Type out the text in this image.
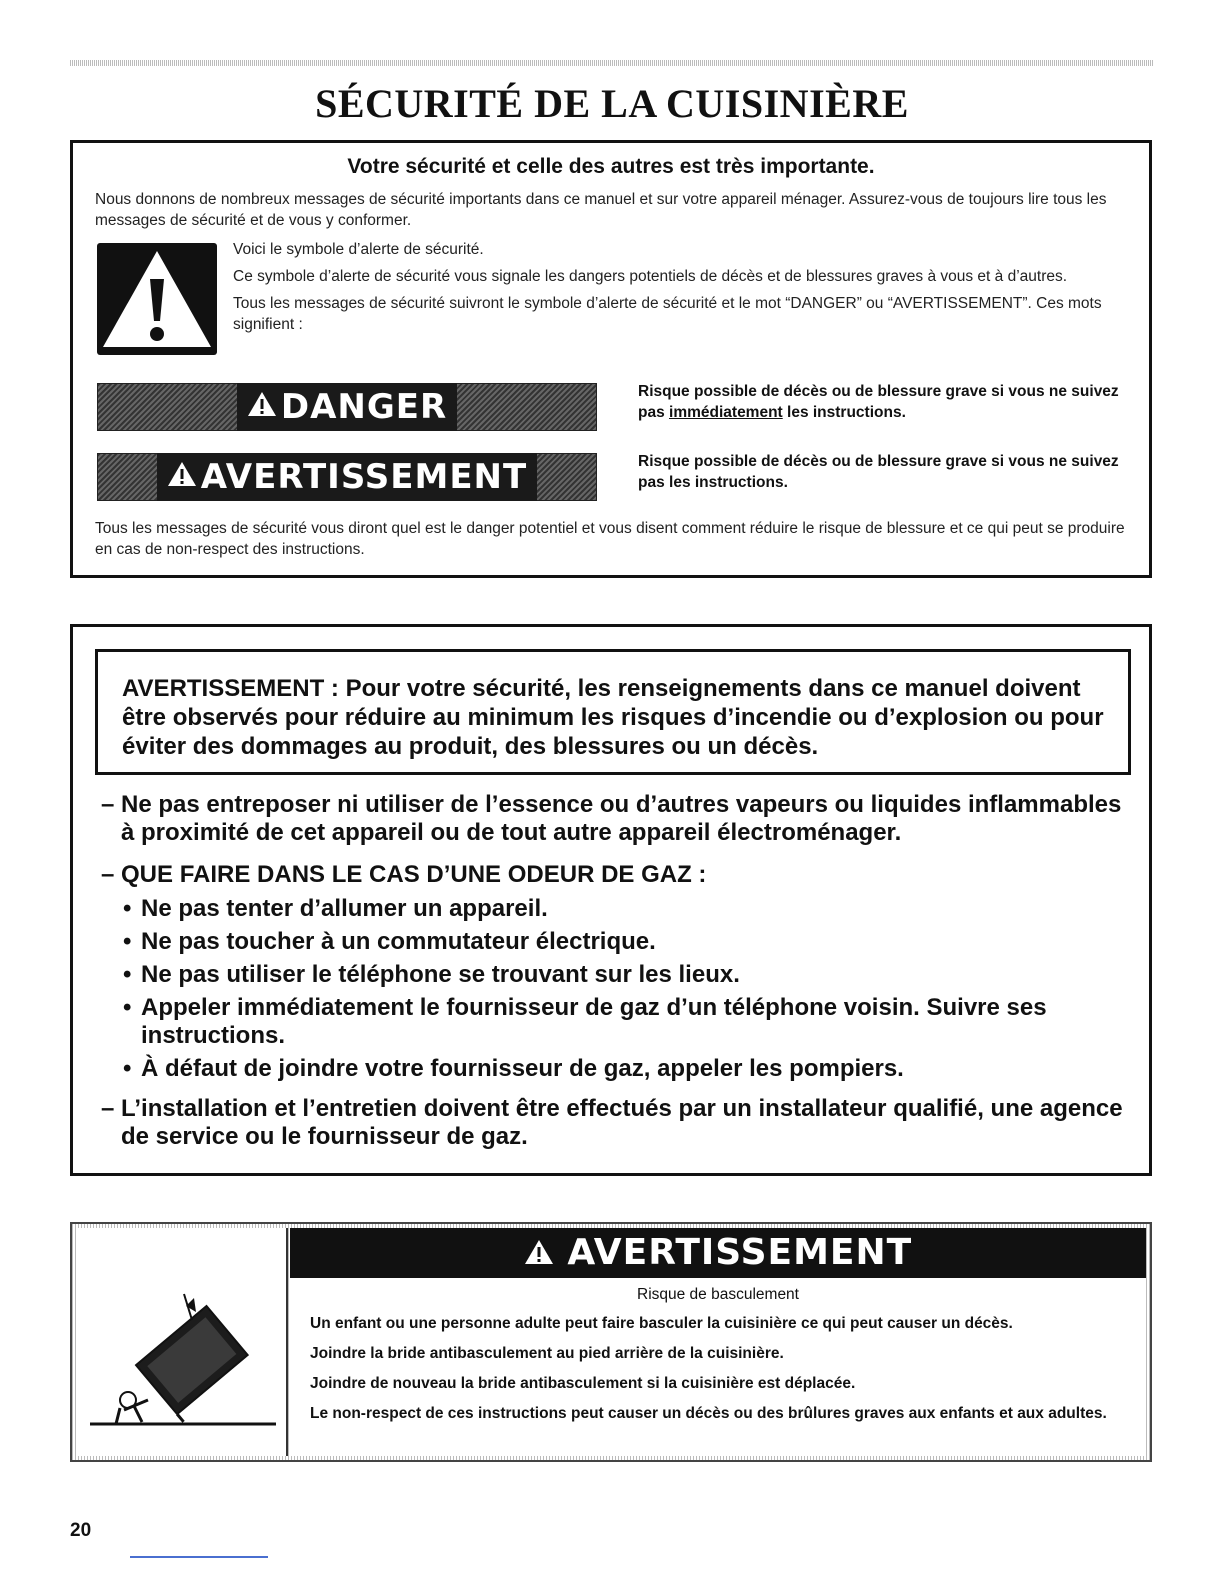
SÉCURITÉ DE LA CUISINIÈRE
Votre sécurité et celle des autres est très importante.
Nous donnons de nombreux messages de sécurité importants dans ce manuel et sur votre appareil ménager. Assurez-vous de toujours lire tous les messages de sécurité et de vous y conformer.

Voici le symbole d’alerte de sécurité.

Ce symbole d’alerte de sécurité vous signale les dangers potentiels de décès et de blessures graves à vous et à d’autres.

Tous les messages de sécurité suivront le symbole d’alerte de sécurité et le mot “DANGER” ou “AVERTISSEMENT”. Ces mots signifient :

DANGER	Risque possible de décès ou de blessure grave si vous ne suivez pas immédiatement les instructions.
AVERTISSEMENT	Risque possible de décès ou de blessure grave si vous ne suivez pas les instructions.
Tous les messages de sécurité vous diront quel est le danger potentiel et vous disent comment réduire le risque de blessure et ce qui peut se produire en cas de non-respect des instructions.
AVERTISSEMENT : Pour votre sécurité, les renseignements dans ce manuel doivent être observés pour réduire au minimum les risques d’incendie ou d’explosion ou pour éviter des dommages au produit, des blessures ou un décès.
– Ne pas entreposer ni utiliser de l’essence ou d’autres vapeurs ou liquides inflammables à proximité de cet appareil ou de tout autre appareil électroménager.
– QUE FAIRE DANS LE CAS D’UNE ODEUR DE GAZ :
• Ne pas tenter d’allumer un appareil.
• Ne pas toucher à un commutateur électrique.
• Ne pas utiliser le téléphone se trouvant sur les lieux.
• Appeler immédiatement le fournisseur de gaz d’un téléphone voisin. Suivre ses instructions.
• À défaut de joindre votre fournisseur de gaz, appeler les pompiers.
– L’installation et l’entretien doivent être effectués par un installateur qualifié, une agence de service ou le fournisseur de gaz.
AVERTISSEMENT
Risque de basculement

Un enfant ou une personne adulte peut faire basculer la cuisinière ce qui peut causer un décès.

Joindre la bride antibasculement au pied arrière de la cuisinière.

Joindre de nouveau la bride antibasculement si la cuisinière est déplacée.

Le non-respect de ces instructions peut causer un décès ou des brûlures graves aux enfants et aux adultes.

20
